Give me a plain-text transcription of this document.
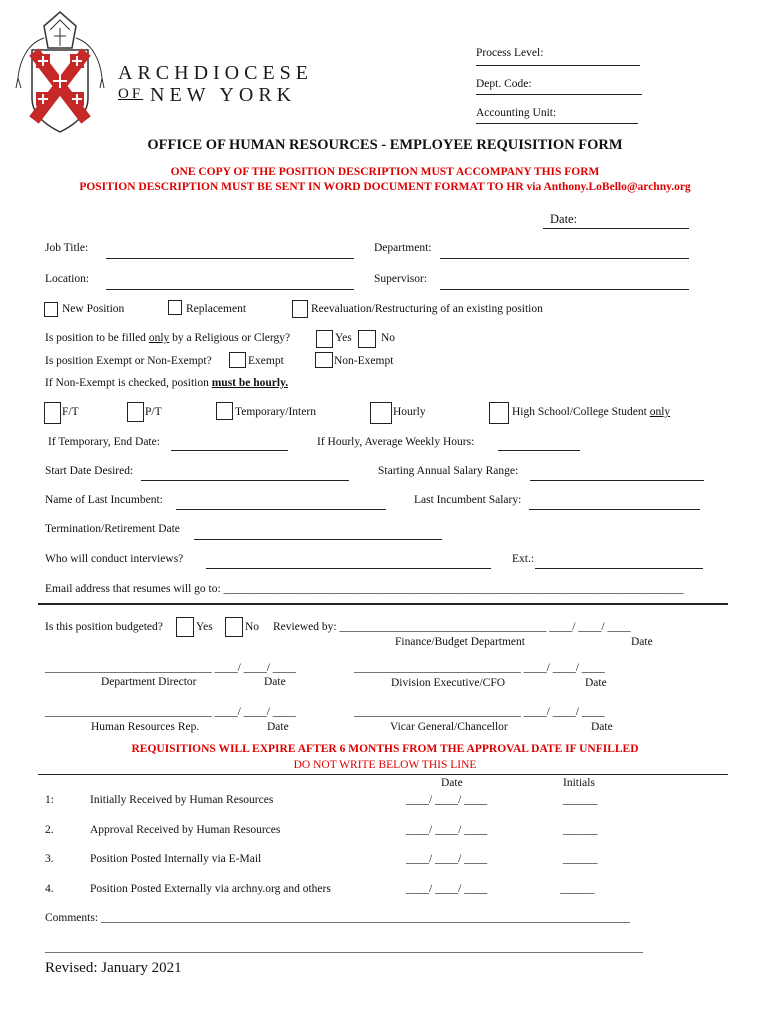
ARCHDIOCESE
OF NEW YORK
Process Level:
Dept. Code:
Accounting Unit:
OFFICE OF HUMAN RESOURCES - EMPLOYEE REQUISITION FORM
ONE COPY OF THE POSITION DESCRIPTION MUST ACCOMPANY THIS FORM
POSITION DESCRIPTION MUST BE SENT IN WORD DOCUMENT FORMAT TO HR via Anthony.LoBello@archny.org
Date:
Job Title:	Department:
Location:	Supervisor:
New Position	Replacement	Reevaluation/Restructuring of an existing position
Is position to be filled only by a Religious or Clergy?	Yes	No
Is position Exempt or Non-Exempt?	Exempt	Non-Exempt
If Non-Exempt is checked, position must be hourly.
F/T	P/T	Temporary/Intern	Hourly	High School/College Student only
If Temporary, End Date:	If Hourly, Average Weekly Hours:
Start Date Desired:	Starting Annual Salary Range:
Name of Last Incumbent:	Last Incumbent Salary:
Termination/Retirement Date
Who will conduct interviews?	Ext.:
Email address that resumes will go to: ________________________________________________________________________________
Is this position budgeted?	Yes	No Reviewed by: ____________________________________ ____/ ____/ ____
Finance/Budget Department	Date
_____________________________ ____/ ____/ ____
Department Director	Date
_____________________________ ____/ ____/ ____
Division Executive/CFO	Date
_____________________________ ____/ ____/ ____
Human Resources Rep.	Date
_____________________________ ____/ ____/ ____
Vicar General/Chancellor	Date
REQUISITIONS WILL EXPIRE AFTER 6 MONTHS FROM THE APPROVAL DATE IF UNFILLED
DO NOT WRITE BELOW THIS LINE
Date	Initials
1:	Initially Received by Human Resources	____/ ____/ ____	______
2.	Approval Received by Human Resources	____/ ____/ ____	______
3.	Position Posted Internally via E-Mail	____/ ____/ ____	______
4.	Position Posted Externally via archny.org and others	____/ ____/ ____	______
Comments: ____________________________________________________________________________________________
________________________________________________________________________________________________________
Revised: January 2021
